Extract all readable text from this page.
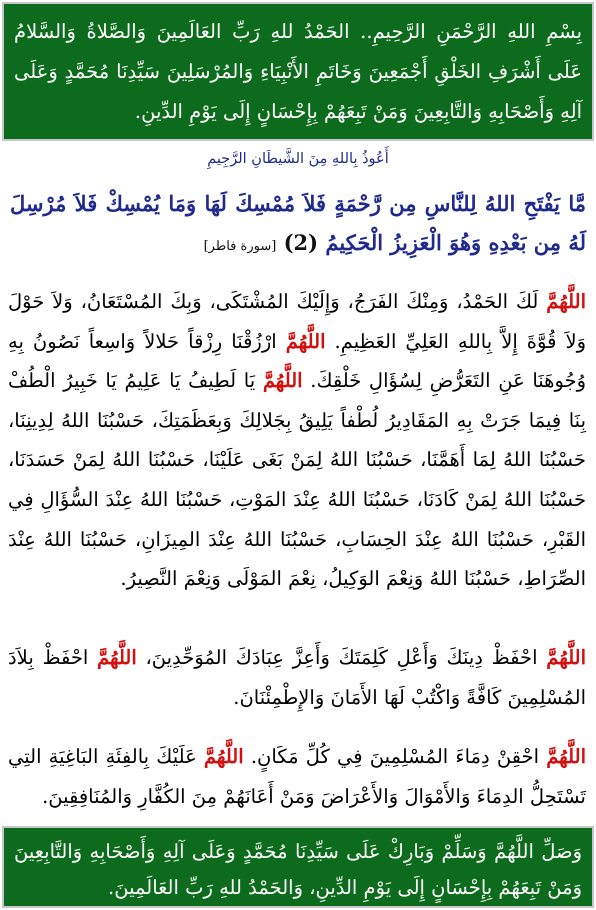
بِسْمِ اللهِ الرَّحْمَنِ الرَّحِيمِ.. الحَمْدُ للهِ رَبِّ العَالَمِينَ وَالصَّلاةُ وَالسَّلامُ عَلَى أَشْرَفِ الخَلْقِ أَجْمَعِينَ وَخَاتَمِ الأَنْبِيَاءِ وَالمُرْسَلِينَ سَيِّدِنَا مُحَمَّدٍ وَعَلَى آلِهِ وَأَصْحَابِهِ وَالتَّابِعِينَ وَمَنْ تَبِعَهُمْ بِإِحْسَانٍ إِلَى يَوْمِ الدِّينِ.
أَعُوذُ بِاللهِ مِنَ الشَّيطَانِ الرَّجِيمِ
مَّا يَفْتَحِ اللهُ لِلنَّاسِ مِن رَّحْمَةٍ فَلاَ مُمْسِكَ لَهَا وَمَا يُمْسِكْ فَلاَ مُرْسِلَ لَهُ مِن بَعْدِهِ وَهُوَ الْعَزِيزُ الْحَكِيمُ (2) [سورة فاطر]
اللَّهُمَّ لَكَ الحَمْدُ، وَمِنْكَ الفَرَجُ، وَإِلَيْكَ المُشْتَكَى، وَبِكَ المُسْتَعَانُ، وَلاَ حَوْلَ وَلاَ قُوَّةَ إِلاَّ بِاللهِ العَلِيِّ العَظِيمِ. اللَّهُمَّ ارْزُقْنَا رِزْقاً حَلالاً وَاسِعاً نَصُونُ بِهِ وُجُوهَنَا عَنِ التَعَرُّضِ لِسُؤَالِ خَلْقِكَ. اللَّهُمَّ يَا لَطِيفُ يَا عَلِيمُ يَا خَبِيرُ الْطُفْ بِنَا فِيمَا جَرَتْ بِهِ المَقَادِيرُ لُطْفاً يَلِيقُ بِجَلالِكَ وَبِعَظَمَتِكَ، حَسْبُنَا اللهُ لِدِينِنَا، حَسْبُنَا اللهُ لِمَا أَهَمَّنَا، حَسْبُنَا اللهُ لِمَنْ بَغَى عَلَيْنَا، حَسْبُنَا اللهُ لِمَنْ حَسَدَنَا، حَسْبُنَا اللهُ لِمَنْ كَادَنَا، حَسْبُنَا اللهُ عِنْدَ المَوْتِ، حَسْبُنَا اللهُ عِنْدَ السُّؤَالِ فِي القَبْرِ، حَسْبُنَا اللهُ عِنْدَ الحِسَابِ، حَسْبُنَا اللهُ عِنْدَ المِيزَانِ، حَسْبُنَا اللهُ عِنْدَ الصِّرَاطِ، حَسْبُنَا اللهُ وَنِعْمَ الوَكِيلُ، نِعْمَ المَوْلَى وَنِعْمَ النَّصِيرُ.
اللَّهُمَّ احْفَظْ دِينَكَ وَأَعْلِ كَلِمَتَكَ وَأَعِزَّ عِبَادَكَ المُوَحِّدِينَ، اللَّهُمَّ احْفَظْ بِلاَدَ المُسْلِمِينَ كَافَّةً وَاكْتُبْ لَهَا الأَمَانَ وَالإِطْمِئْنَانَ.
اللَّهُمَّ احْقِنْ دِمَاءَ المُسْلِمِينَ فِي كُلِّ مَكَانٍ. اللَّهُمَّ عَلَيْكَ بِالفِئَةِ البَاغِيَةِ التِي تَسْتَحِلُّ الدِمَاءَ وَالأَمْوَالَ وَالأَعْرَاضَ وَمَنْ أَعَانَهُمْ مِنَ الكُفَّارِ وَالمُنَافِقِينَ.
وَصَلِّ اللَّهُمَّ وَسَلِّمْ وَبَارِكْ عَلَى سَيِّدِنَا مُحَمَّدٍ وَعَلَى آلِهِ وَأَصْحَابِهِ وَالتَّابِعِينَ وَمَنْ تَبِعَهُمْ بِإِحْسَانٍ إِلَى يَوْمِ الدِّينِ، وَالحَمْدُ للهِ رَبِّ العَالَمِينَ.
